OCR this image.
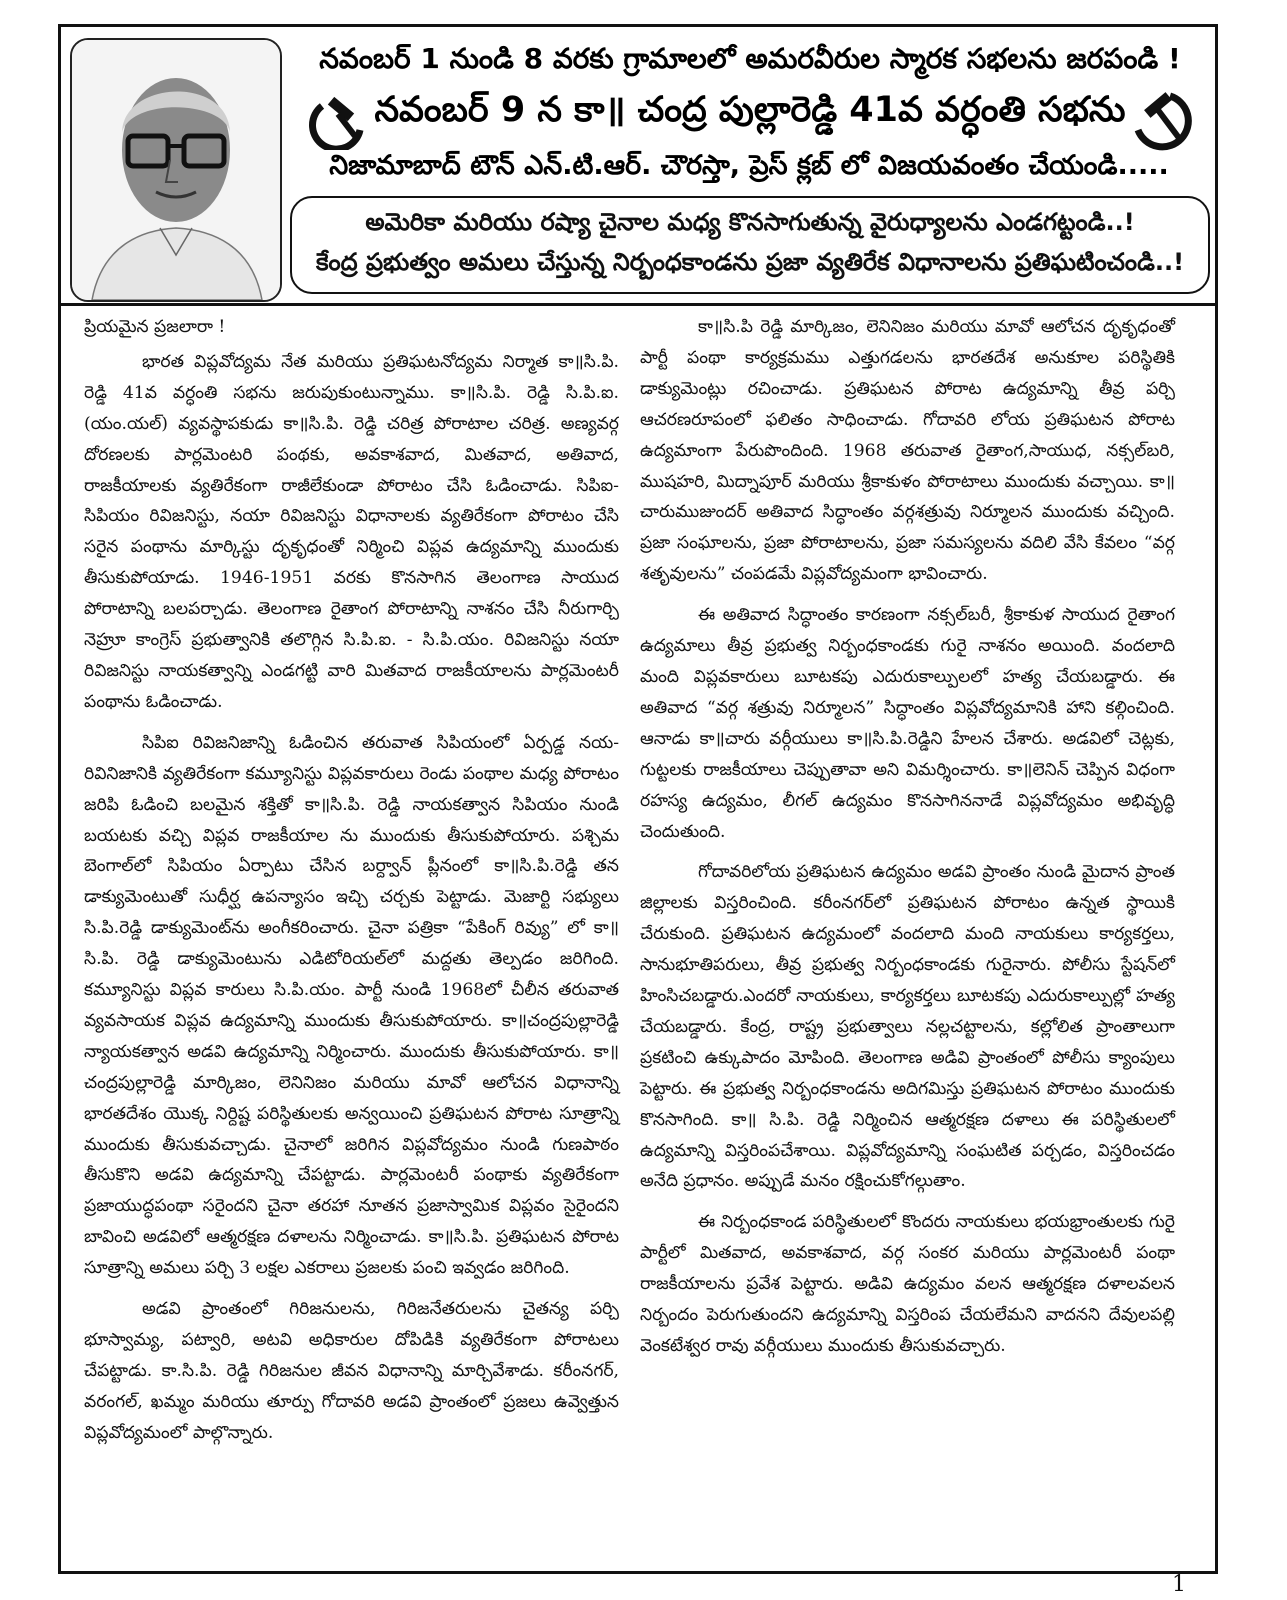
నవంబర్ 1 నుండి 8 వరకు గ్రామాలలో అమరవీరుల స్మారక సభలను జరపండి !
నవంబర్ 9 న కా॥ చంద్ర పుల్లారెడ్డి 41వ వర్ధంతి సభను
నిజామాబాద్ టౌన్ ఎన్.టి.ఆర్. చౌరస్తా, ప్రెస్ క్లబ్ లో విజయవంతం చేయండి.....
అమెరికా మరియు రష్యా చైనాల మధ్య కొనసాగుతున్న వైరుధ్యాలను ఎండగట్టండి..!
కేంద్ర ప్రభుత్వం అమలు చేస్తున్న నిర్బంధకాండను ప్రజా వ్యతిరేక విధానాలను ప్రతిఘటించండి..!

ప్రియమైన ప్రజలారా !

భారత విప్లవోద్యమ నేత మరియు ప్రతిఘటనోద్యమ నిర్మాత కా॥సి.పి. రెడ్డి 41వ వర్ధంతి సభను జరుపుకుంటున్నాము. కా॥సి.పి. రెడ్డి సి.పి.ఐ. (యం.యల్) వ్యవస్థాపకుడు కా॥సి.పి. రెడ్డి చరిత్ర పోరాటాల చరిత్ర. అణ్యవర్గ దోరణలకు పార్లమెంటరి పంథకు, అవకాశవాద, మితవాద, అతివాద, రాజకీయాలకు వ్యతిరేకంగా రాజీలేకుండా పోరాటం చేసి ఓడించాడు. సిపిఐ-సిపియం రివిజనిస్టు, నయా రివిజనిస్టు విధానాలకు వ్యతిరేకంగా పోరాటం చేసి సరైన పంథాను మార్కిస్టు దృకృధంతో నిర్మించి విప్లవ ఉద్యమాన్ని ముందుకు తీసుకుపోయాడు. 1946-1951 వరకు కొనసాగిన తెలంగాణ సాయుద పోరాటాన్ని బలపర్చాడు. తెలంగాణ రైతాంగ పోరాటాన్ని నాశనం చేసి నీరుగార్చి నెహ్రూ కాంగ్రెస్ ప్రభుత్వానికి తలొగ్గిన సి.పి.ఐ. - సి.పి.యం. రివిజనిస్టు నయా రివిజనిస్టు నాయకత్వాన్ని ఎండగట్టి వారి మితవాద రాజకీయాలను పార్లమెంటరీ పంథాను ఓడించాడు.

సిపిఐ రివిజనిజాన్ని ఓడించిన తరువాత సిపియంలో ఏర్పడ్డ నయ-రివినిజానికి వ్యతిరేకంగా కమ్యూనిస్టు విప్లవకారులు రెండు పంథాల మధ్య పోరాటం జరిపి ఓడించి బలమైన శక్తితో కా॥సి.పి. రెడ్డి నాయకత్వాన సిపియం నుండి బయటకు వచ్చి విప్లవ రాజకీయాల ను ముందుకు తీసుకుపోయారు. పశ్చిమ బెంగాల్‌లో సిపియం ఏర్పాటు చేసిన బర్ద్వాన్ ప్లీనంలో కా॥సి.పి.రెడ్డి తన డాక్యుమెంటుతో సుధీర్ఘ ఉపన్యాసం ఇచ్చి చర్చకు పెట్టాడు. మెజార్టి సభ్యులు సి.పి.రెడ్డి డాక్యుమెంట్‌ను అంగీకరించారు. చైనా పత్రికా “పేకింగ్ రివ్యు” లో కా॥సి.పి. రెడ్డి డాక్యుమెంటును ఎడిటోరియల్‌లో మద్దతు తెల్పడం జరిగింది. కమ్యూనిస్టు విప్లవ కారులు సి.పి.యం. పార్టీ నుండి 1968లో చీలీన తరువాత వ్యవసాయక విప్లవ ఉద్యమాన్ని ముందుకు తీసుకుపోయారు. కా॥చంద్రపుల్లారెడ్డి న్యాయకత్వాన అడవి ఉద్యమాన్ని నిర్మించారు. ముందుకు తీసుకుపోయారు. కా॥ చంద్రపుల్లారెడ్డి మార్కిజం, లెనినిజం మరియు మావో ఆలోచన విధానాన్ని భారతదేశం యొక్క నిర్దిష్ట పరిస్థితులకు అన్వయించి ప్రతిఘటన పోరాట సూత్రాన్ని ముందుకు తీసుకువచ్చాడు. చైనాలో జరిగిన విప్లవోద్యమం నుండి గుణపాఠం తీసుకొని అడవి ఉద్యమాన్ని చేపట్టాడు. పార్లమెంటరీ పంథాకు వ్యతిరేకంగా ప్రజాయుద్ధపంథా సరైందని చైనా తరహా నూతన ప్రజాస్వామిక విప్లవం సైరైందని బావించి అడవిలో ఆత్మరక్షణ దళాలను నిర్మించాడు. కా॥సి.పి. ప్రతిఘటన పోరాట సూత్రాన్ని అమలు పర్చి 3 లక్షల ఎకరాలు ప్రజలకు పంచి ఇవ్వడం జరిగింది.

అడవి ప్రాంతంలో గిరిజనులను, గిరిజనేతరులను చైతన్య పర్చి భూస్వామ్య, పట్వారి, అటవి అధికారుల దోపిడికి వ్యతిరేకంగా పోరాటలు చేపట్టాడు. కా.సి.పి. రెడ్డి గిరిజనుల జీవన విధానాన్ని మార్చివేశాడు. కరీంనగర్, వరంగల్, ఖమ్మం మరియు తూర్పు గోదావరి అడవి ప్రాంతంలో ప్రజలు ఉవ్వెత్తున విప్లవోద్యమంలో పాల్గొన్నారు.

కా॥సి.పి రెడ్డి మార్కిజం, లెనినిజం మరియు మావో ఆలోచన దృకృధంతో పార్టీ పంథా కార్యక్రమము ఎత్తుగడలను భారతదేశ అనుకూల పరిస్థితికి డాక్యుమెంట్లు రచించాడు. ప్రతిఘటన పోరాట ఉద్యమాన్ని తీవ్ర పర్చి ఆచరణరూపంలో ఫలితం సాధించాడు. గోదావరి లోయ ప్రతిఘటన పోరాట ఉద్యమాంగా పేరుపొందింది. 1968 తరువాత రైతాంగ,సాయుధ, నక్సల్‌బరి, ముషహరి, మిద్నాపూర్ మరియు శ్రీకాకుళం పోరాటాలు ముందుకు వచ్చాయి. కా॥ చారుముజుందర్ అతివాద సిద్ధాంతం వర్గశత్రువు నిర్మూలన ముందుకు వచ్చింది. ప్రజా సంఘాలను, ప్రజా పోరాటాలను, ప్రజా సమస్యలను వదిలి వేసి కేవలం “వర్గ శతృవులను” చంపడమే విప్లవోద్యమంగా భావించారు.

ఈ అతివాద సిద్ధాంతం కారణంగా నక్సల్‌బరీ, శ్రీకాకుళ సాయుద రైతాంగ ఉద్యమాలు తీవ్ర ప్రభుత్వ నిర్బంధకాండకు గురై నాశనం అయింది. వందలాది మంది విప్లవకారులు బూటకపు ఎదురుకాల్పులలో హత్య చేయబడ్డారు. ఈ అతివాద “వర్గ శత్రువు నిర్మూలన” సిద్ధాంతం విప్లవోద్యమానికి హాని కల్గించింది. ఆనాడు కా॥చారు వర్గీయులు కా॥సి.పి.రెడ్డిని హేలన చేశారు. అడవిలో చెట్లకు, గుట్టలకు రాజకీయాలు చెప్పుతావా అని విమర్శించారు. కా॥లెనిన్ చెప్పిన విధంగా రహస్య ఉద్యమం, లీగల్ ఉద్యమం కొనసాగిననాడే విప్లవోద్యమం అభివృద్ధి చెందుతుంది.

గోదావరిలోయ ప్రతిఘటన ఉద్యమం అడవి ప్రాంతం నుండి మైదాన ప్రాంత జిల్లాలకు విస్తరించింది. కరీంనగర్‌లో ప్రతిఘటన పోరాటం ఉన్నత స్థాయికి చేరుకుంది. ప్రతిఘటన ఉద్యమంలో వందలాది మంది నాయకులు కార్యకర్తలు, సానుభూతిపరులు, తీవ్ర ప్రభుత్వ నిర్బంధకాండకు గురైనారు. పోలీసు స్టేషన్‌లో హింసిచబడ్డారు.ఎందరో నాయకులు, కార్యకర్తలు బూటకపు ఎదురుకాల్పుల్లో హత్య చేయబడ్డారు. కేంద్ర, రాష్ట్ర ప్రభుత్వాలు నల్లచట్టాలను, కల్లోలిత ప్రాంతాలుగా ప్రకటించి ఉక్కుపాదం మోపింది. తెలంగాణ అడివి ప్రాంతంలో పోలీసు క్యాంపులు పెట్టారు. ఈ ప్రభుత్వ నిర్బంధకాండను అదిగమిస్తు ప్రతిఘటన పోరాటం ముందుకు కొనసాగింది. కా॥ సి.పి. రెడ్డి నిర్మించిన ఆత్మరక్షణ దళాలు ఈ పరిస్థితులలో ఉద్యమాన్ని విస్తరింపచేశాయి. విప్లవోద్యమాన్ని సంఘటిత పర్చడం, విస్తరించడం అనేది ప్రధానం. అప్పుడే మనం రక్షించుకోగల్గుతాం.

ఈ నిర్బంధకాండ పరిస్థితులలో కొందరు నాయకులు భయభ్రాంతులకు గురై పార్టీలో మితవాద, అవకాశవాద, వర్గ సంకర మరియు పార్లమెంటరీ పంథా రాజకీయాలను ప్రవేశ పెట్టారు. అడివి ఉద్యమం వలన ఆత్మరక్షణ దళాలవలన నిర్బందం పెరుగుతుందని ఉద్యమాన్ని విస్తరింప చేయలేమని వాదనని దేవులపల్లి వెంకటేశ్వర రావు వర్గీయులు ముందుకు తీసుకువచ్చారు.

1
